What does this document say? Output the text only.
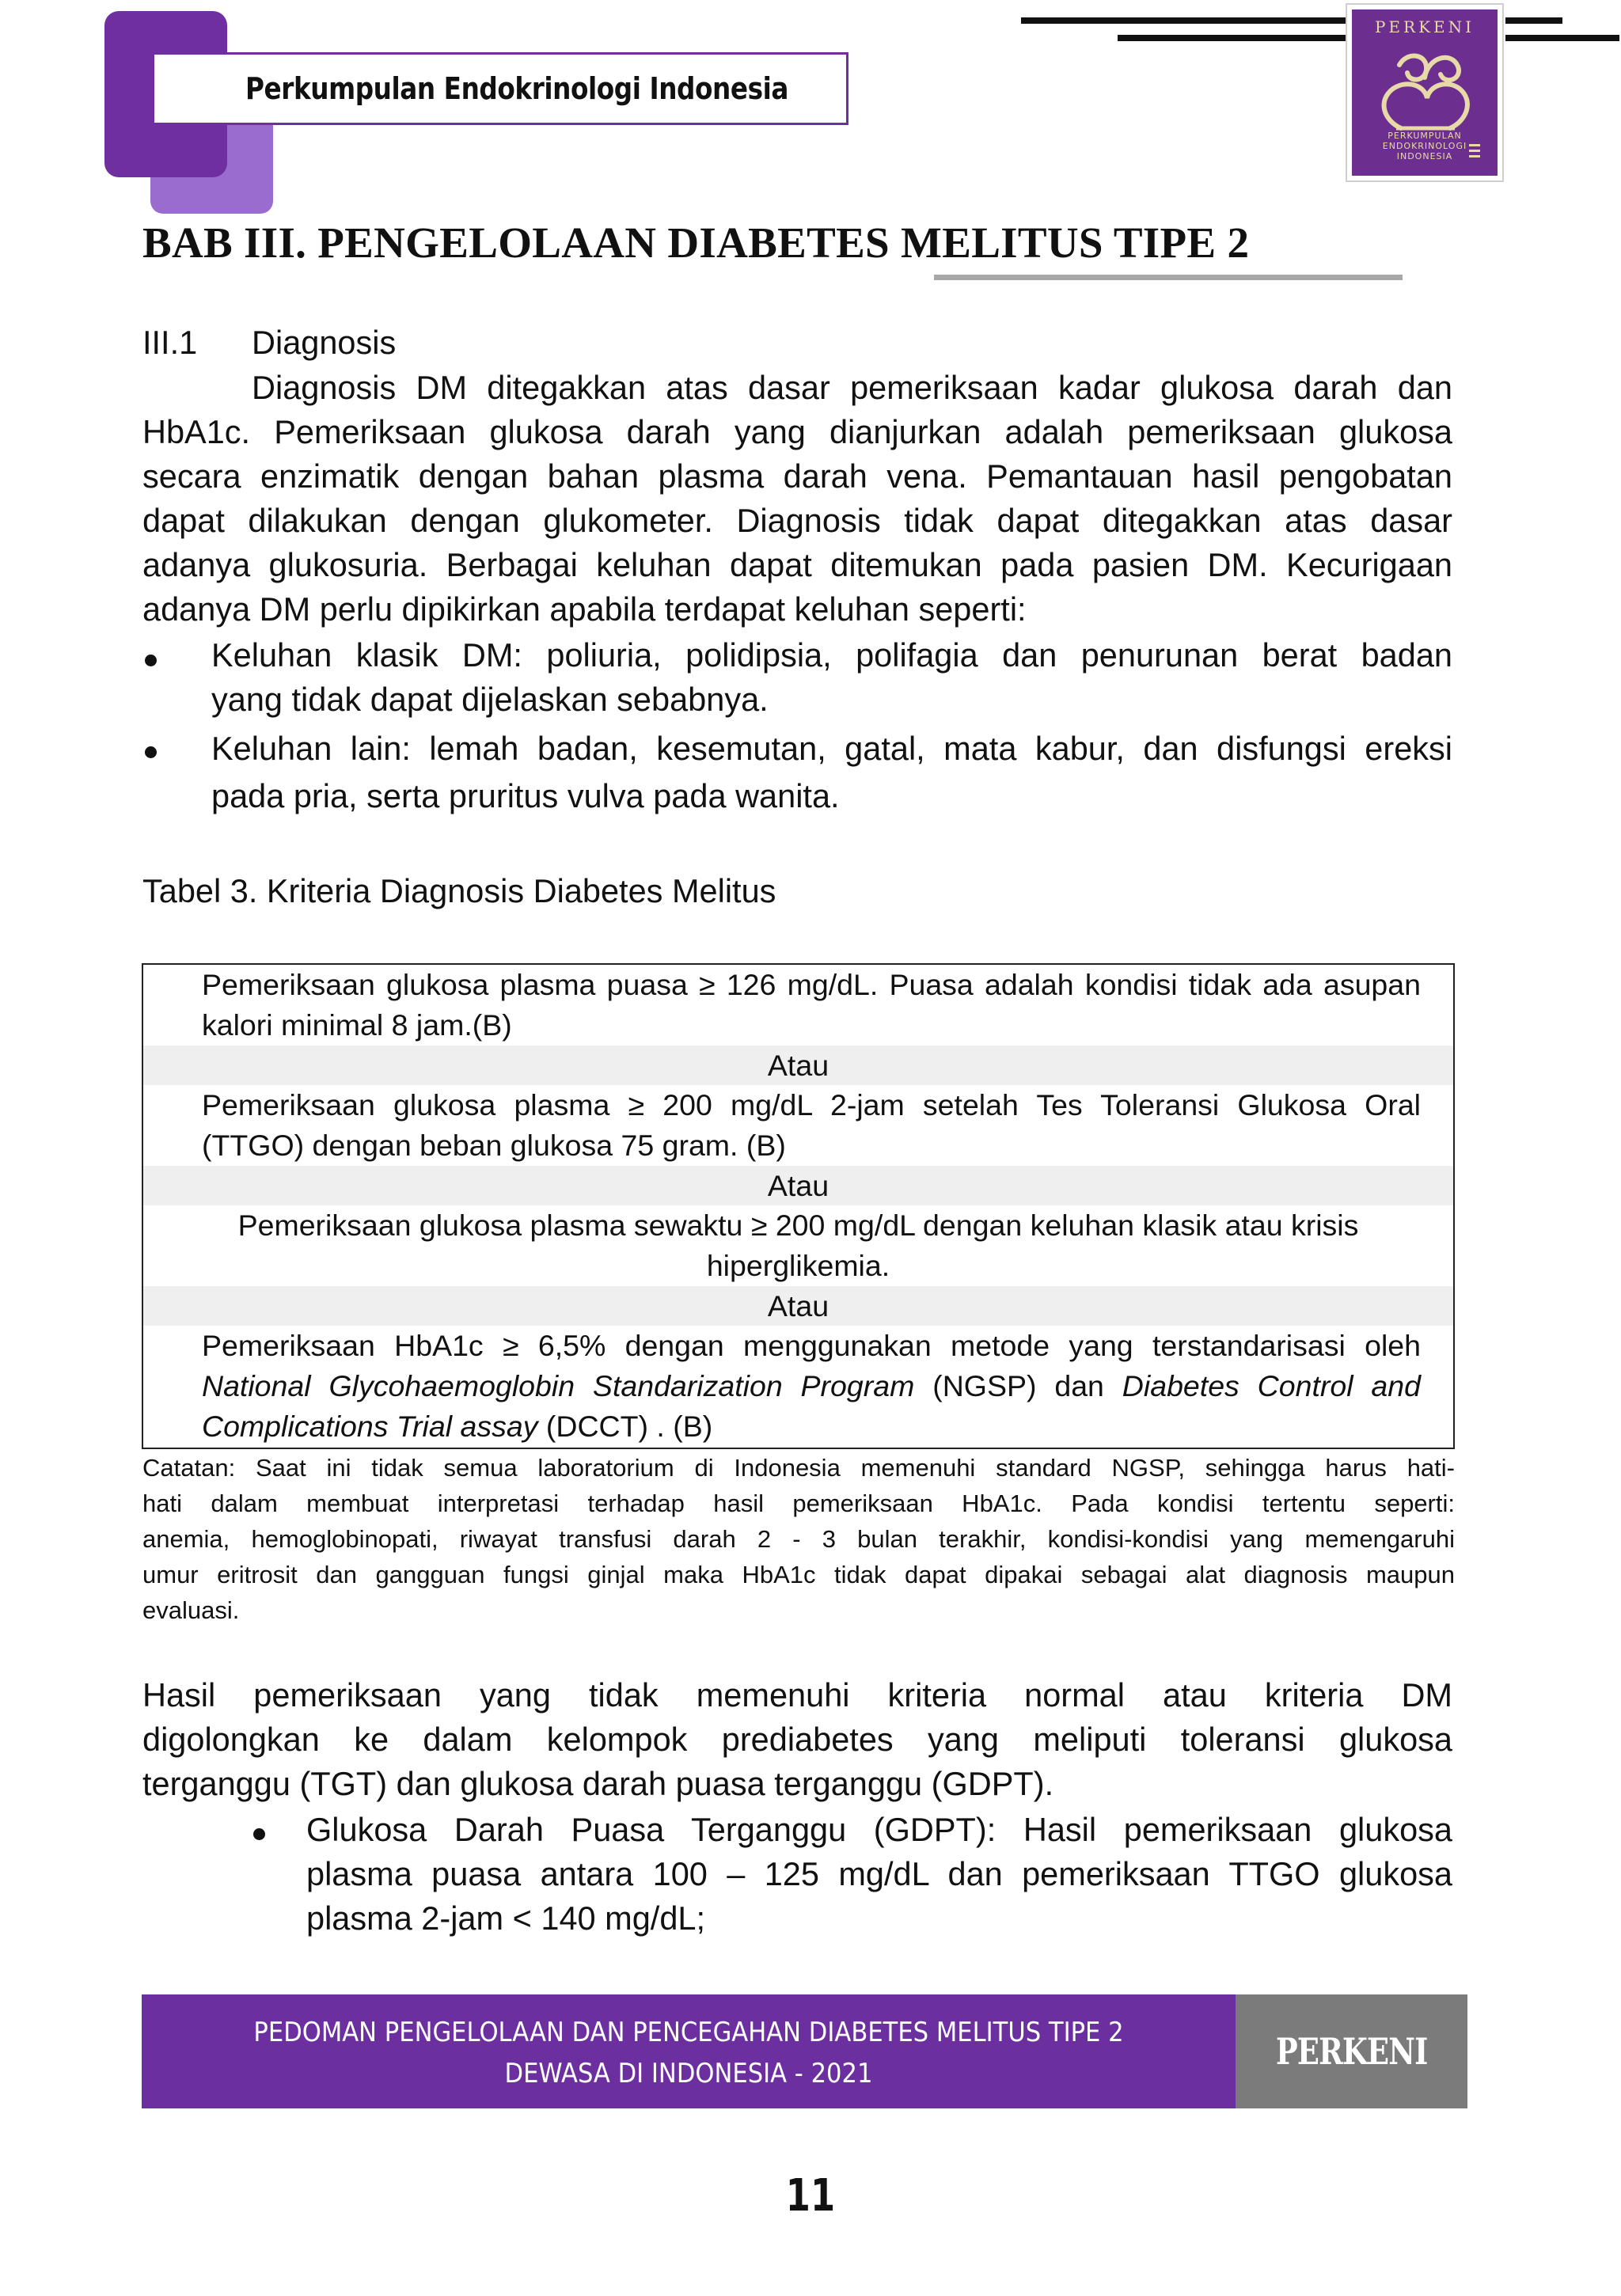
Perkumpulan Endokrinologi Indonesia
PERKENI
PERKUMPULAN
ENDOKRINOLOGI
INDONESIA
BAB III. PENGELOLAAN DIABETES MELITUS TIPE 2
III.1 Diagnosis
Diagnosis DM ditegakkan atas dasar pemeriksaan kadar glukosa darah dan
HbA1c. Pemeriksaan glukosa darah yang dianjurkan adalah pemeriksaan glukosa
secara enzimatik dengan bahan plasma darah vena. Pemantauan hasil pengobatan
dapat dilakukan dengan glukometer. Diagnosis tidak dapat ditegakkan atas dasar
adanya glukosuria. Berbagai keluhan dapat ditemukan pada pasien DM. Kecurigaan
adanya DM perlu dipikirkan apabila terdapat keluhan seperti:
Keluhan klasik DM: poliuria, polidipsia, polifagia dan penurunan berat badan
yang tidak dapat dijelaskan sebabnya.
Keluhan lain: lemah badan, kesemutan, gatal, mata kabur, dan disfungsi ereksi
pada pria, serta pruritus vulva pada wanita.
Tabel 3. Kriteria Diagnosis Diabetes Melitus
Pemeriksaan glukosa plasma puasa ≥ 126 mg/dL. Puasa adalah kondisi tidak ada asupan
kalori minimal 8 jam.(B)
Atau
Pemeriksaan glukosa plasma ≥ 200 mg/dL 2-jam setelah Tes Toleransi Glukosa Oral
(TTGO) dengan beban glukosa 75 gram. (B)
Atau
Pemeriksaan glukosa plasma sewaktu ≥ 200 mg/dL dengan keluhan klasik atau krisis
hiperglikemia.
Atau
Pemeriksaan HbA1c ≥ 6,5% dengan menggunakan metode yang terstandarisasi oleh
National Glycohaemoglobin Standarization Program (NGSP) dan Diabetes Control and
Complications Trial assay (DCCT) . (B)
Catatan: Saat ini tidak semua laboratorium di Indonesia memenuhi standard NGSP, sehingga harus hati-
hati dalam membuat interpretasi terhadap hasil pemeriksaan HbA1c. Pada kondisi tertentu seperti:
anemia, hemoglobinopati, riwayat transfusi darah 2 - 3 bulan terakhir, kondisi-kondisi yang memengaruhi
umur eritrosit dan gangguan fungsi ginjal maka HbA1c tidak dapat dipakai sebagai alat diagnosis maupun
evaluasi.
Hasil pemeriksaan yang tidak memenuhi kriteria normal atau kriteria DM
digolongkan ke dalam kelompok prediabetes yang meliputi toleransi glukosa
terganggu (TGT) dan glukosa darah puasa terganggu (GDPT).
Glukosa Darah Puasa Terganggu (GDPT): Hasil pemeriksaan glukosa
plasma puasa antara 100 – 125 mg/dL dan pemeriksaan TTGO glukosa
plasma 2-jam < 140 mg/dL;
PEDOMAN PENGELOLAAN DAN PENCEGAHAN DIABETES MELITUS TIPE 2
DEWASA DI INDONESIA - 2021
PERKENI
11
